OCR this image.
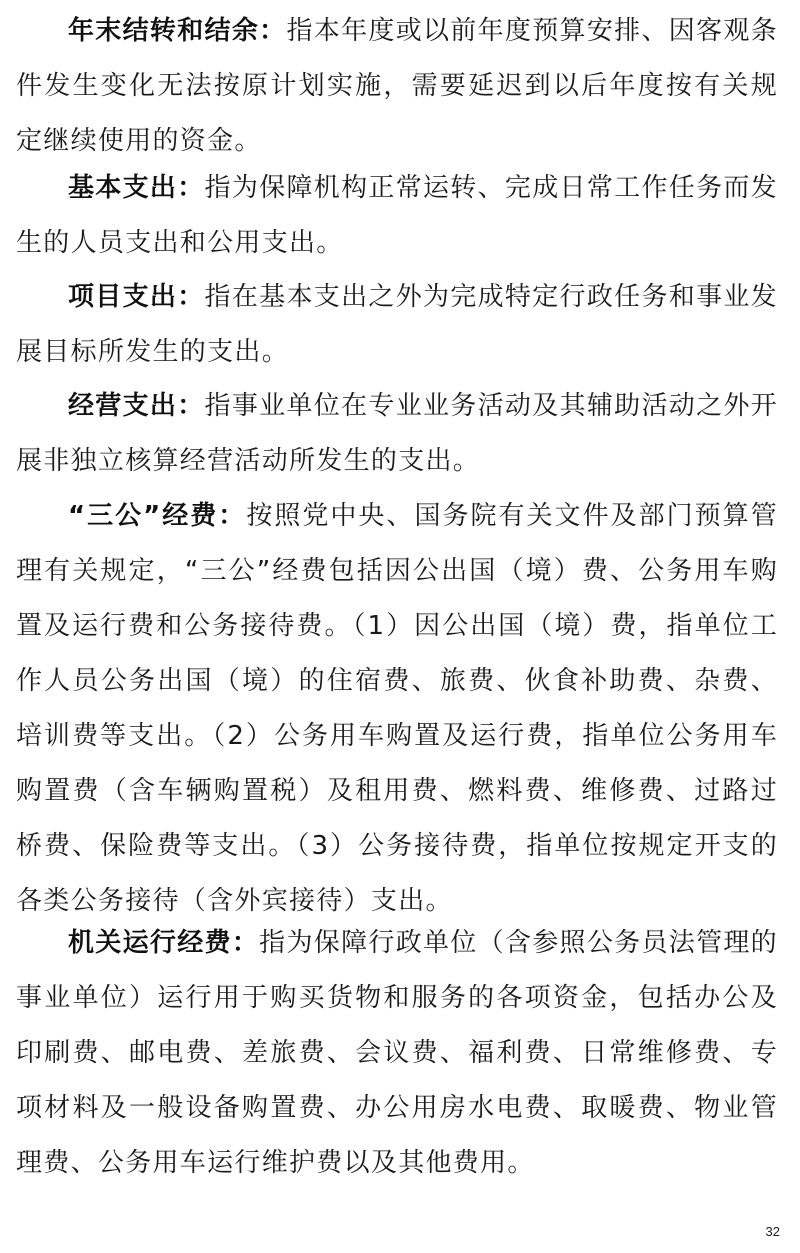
年末结转和结余：指本年度或以前年度预算安排、因客观条件发生变化无法按原计划实施，需要延迟到以后年度按有关规定继续使用的资金。

基本支出：指为保障机构正常运转、完成日常工作任务而发生的人员支出和公用支出。

项目支出：指在基本支出之外为完成特定行政任务和事业发展目标所发生的支出。

经营支出：指事业单位在专业业务活动及其辅助活动之外开展非独立核算经营活动所发生的支出。

“三公”经费：按照党中央、国务院有关文件及部门预算管理有关规定，“三公”经费包括因公出国（境）费、公务用车购置及运行费和公务接待费。（1）因公出国（境）费，指单位工作人员公务出国（境）的住宿费、旅费、伙食补助费、杂费、培训费等支出。（2）公务用车购置及运行费，指单位公务用车购置费（含车辆购置税）及租用费、燃料费、维修费、过路过桥费、保险费等支出。（3）公务接待费，指单位按规定开支的各类公务接待（含外宾接待）支出。

机关运行经费：指为保障行政单位（含参照公务员法管理的事业单位）运行用于购买货物和服务的各项资金，包括办公及印刷费、邮电费、差旅费、会议费、福利费、日常维修费、专项材料及一般设备购置费、办公用房水电费、取暖费、物业管理费、公务用车运行维护费以及其他费用。

32
